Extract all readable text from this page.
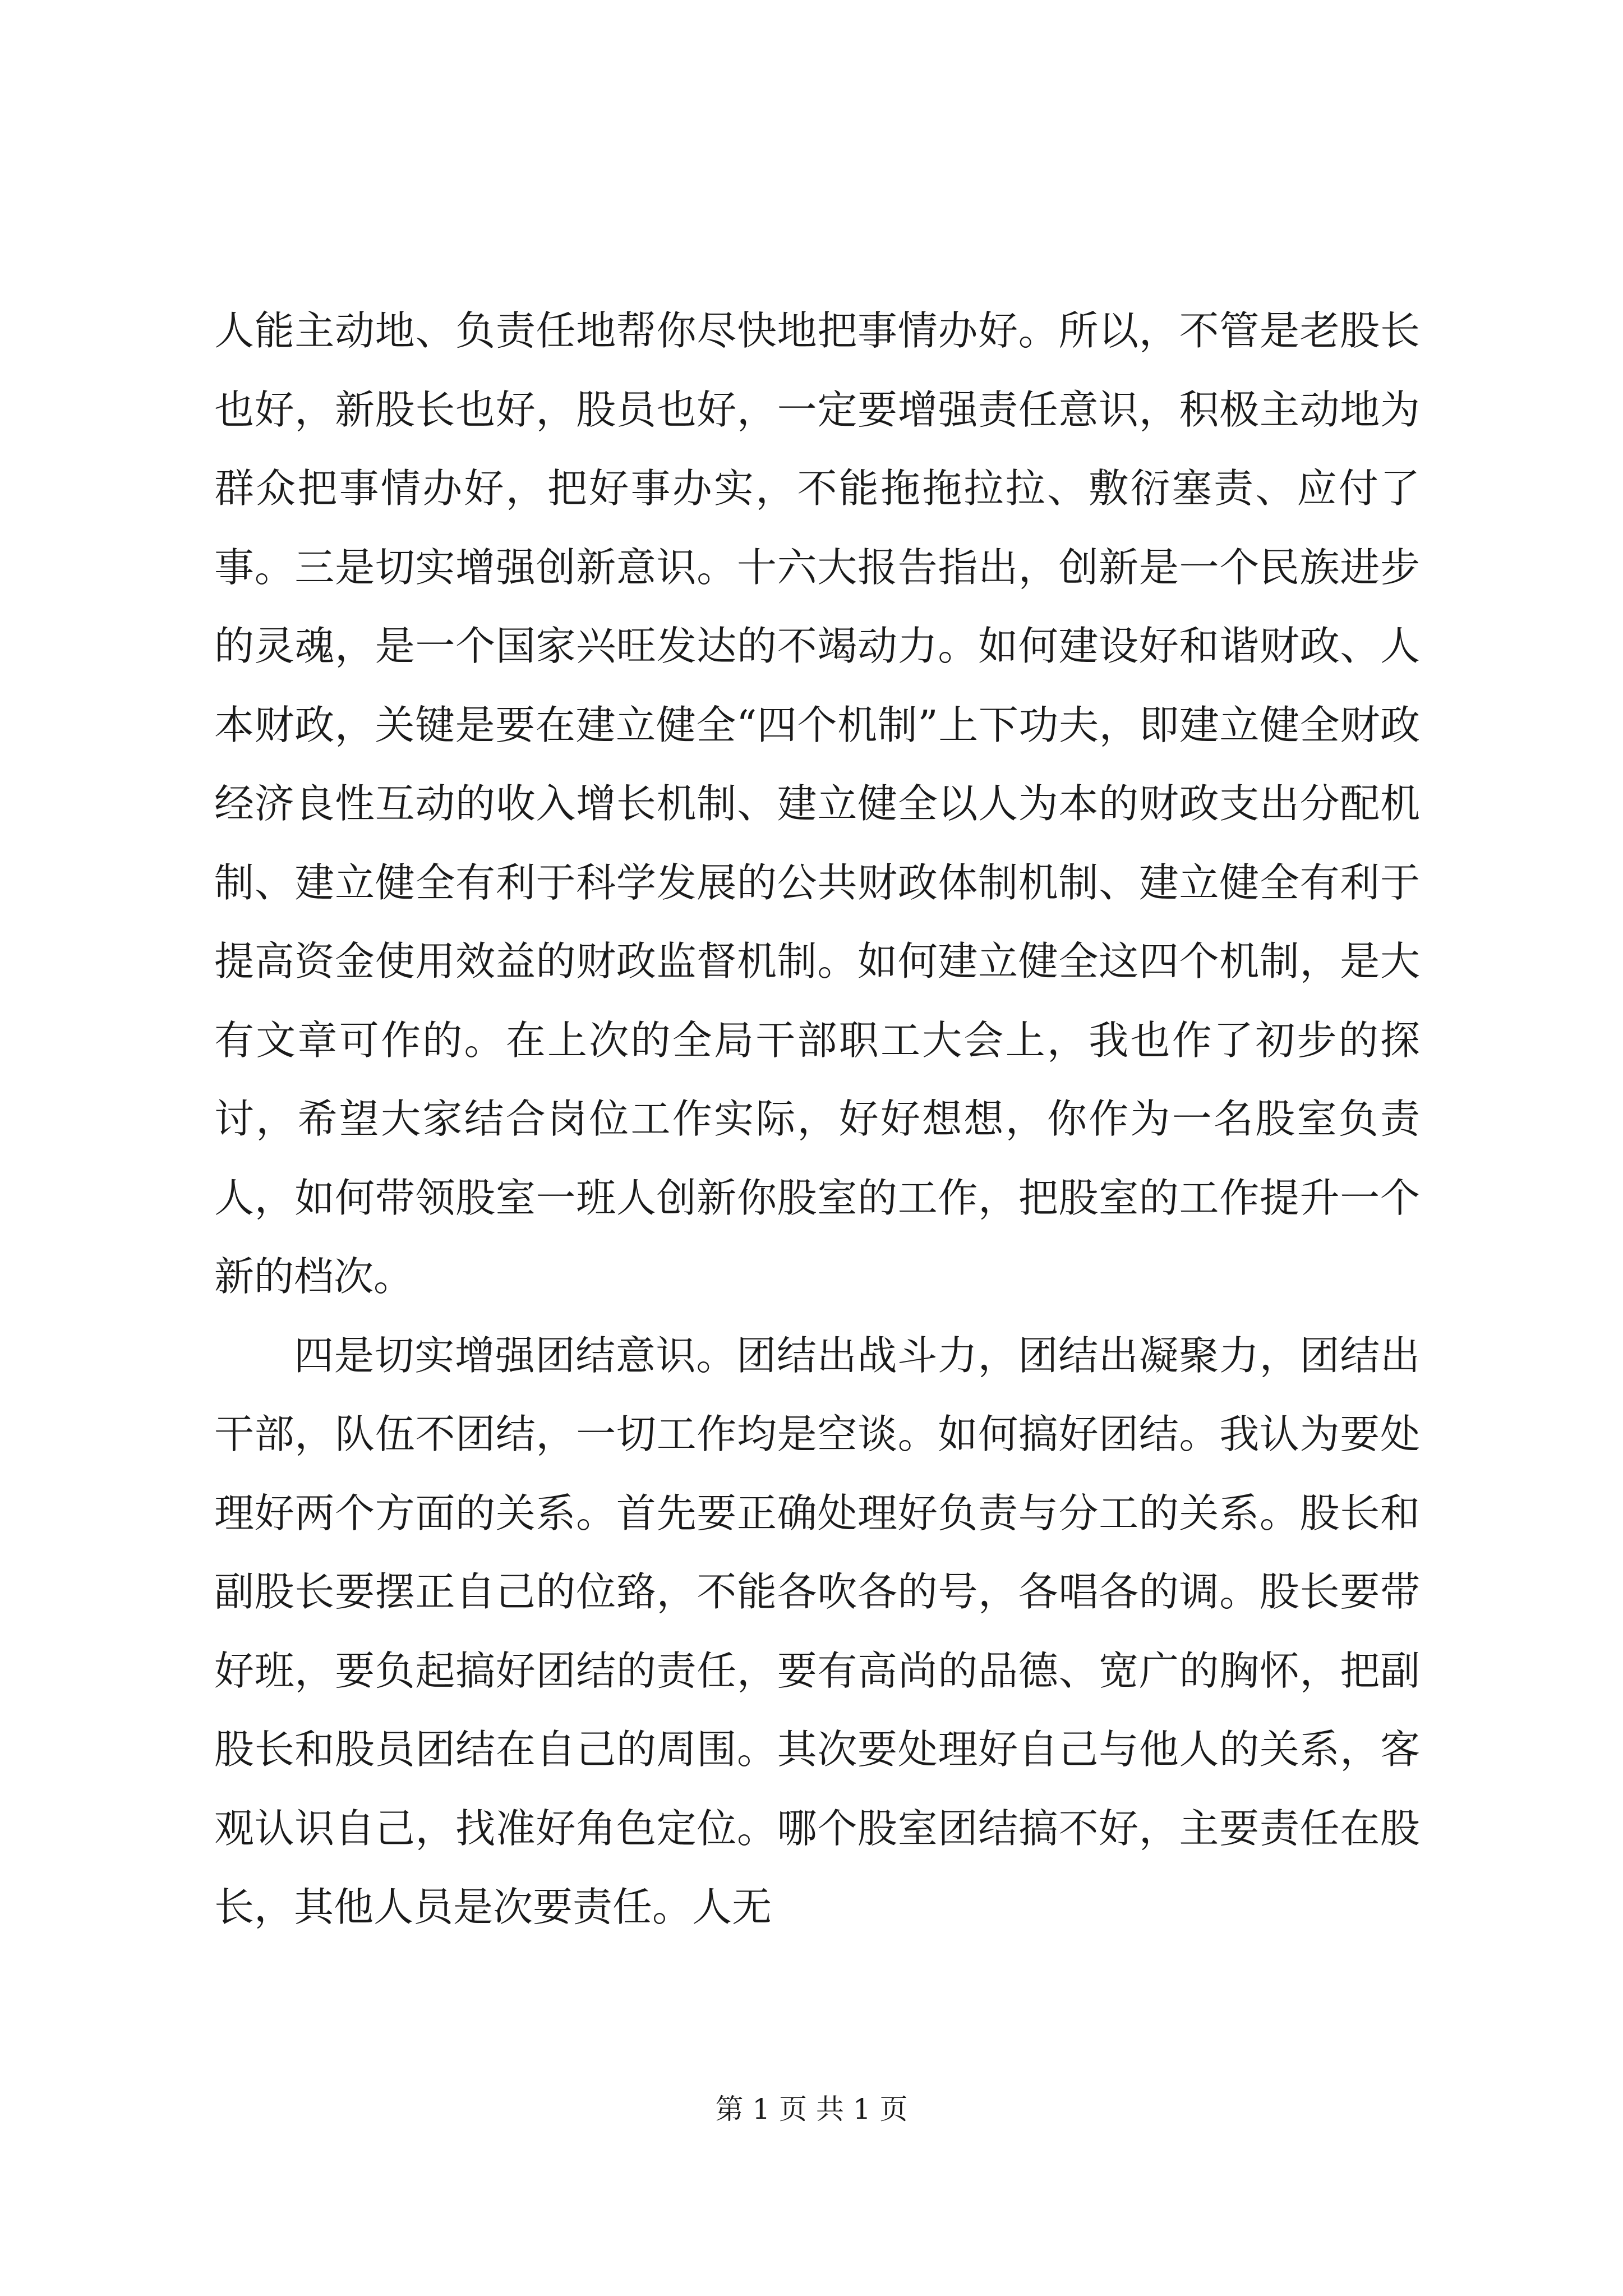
人能主动地、负责任地帮你尽快地把事情办好。所以，不管是老股长也好，新股长也好，股员也好，一定要增强责任意识，积极主动地为群众把事情办好，把好事办实，不能拖拖拉拉、敷衍塞责、应付了事。三是切实增强创新意识。十六大报告指出，创新是一个民族进步的灵魂，是一个国家兴旺发达的不竭动力。如何建设好和谐财政、人本财政，关键是要在建立健全“四个机制”上下功夫，即建立健全财政经济良性互动的收入增长机制、建立健全以人为本的财政支出分配机制、建立健全有利于科学发展的公共财政体制机制、建立健全有利于提高资金使用效益的财政监督机制。如何建立健全这四个机制，是大有文章可作的。在上次的全局干部职工大会上，我也作了初步的探讨，希望大家结合岗位工作实际，好好想想，你作为一名股室负责人，如何带领股室一班人创新你股室的工作，把股室的工作提升一个新的档次。

四是切实增强团结意识。团结出战斗力，团结出凝聚力，团结出干部，队伍不团结，一切工作均是空谈。如何搞好团结。我认为要处理好两个方面的关系。首先要正确处理好负责与分工的关系。股长和副股长要摆正自己的位臵，不能各吹各的号，各唱各的调。股长要带好班，要负起搞好团结的责任，要有高尚的品德、宽广的胸怀，把副股长和股员团结在自己的周围。其次要处理好自己与他人的关系，客观认识自己，找准好角色定位。哪个股室团结搞不好，主要责任在股长，其他人员是次要责任。人无

第 1 页 共 1 页
